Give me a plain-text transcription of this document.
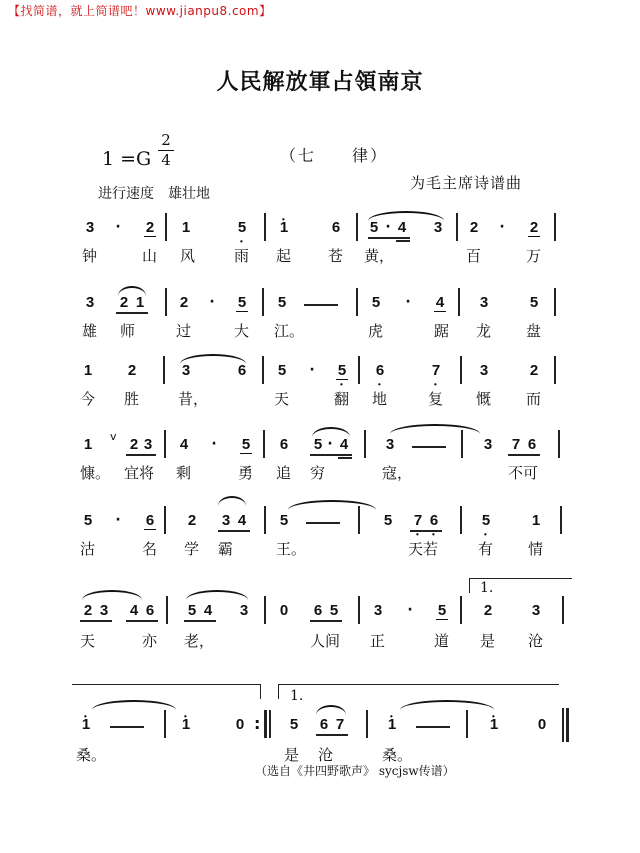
【找简谱，就上简谱吧！www.jianpu8.com】
人民解放軍占領南京
1 =G
2
4	（七　　律）
为毛主席诗谱曲
进行速度　雄壮地
3 · 2 1	5 • • 1	6 5 · 4 3 2 · 2
钟	山 风	雨 起 苍 黄，	百	万
3 2 1 2 · 5 5	5 · 4 3	5
雄 师	过	大 江。	虎	踞 龙 盘
1 2	3	6 5 · 5 • 6 •	7 •	3	2
今 胜	昔，	天	翻 地	复 慨 而
1 v 2 3 4 · 5 6 5 · 4	3	3 7 6
慷。 宜将 剩	勇 追 穷	寇，	不可
5 · 6 2 3 4 5	5 7 • 6 •	5 •	1
沽	名 学 霸	王。	天若	有 情
2 3 4 6 5 4 3 0 6 5 3 · 5
1.
2	3
天	亦 老，	人间 正	道 是 沧
• 1	• 1	0 :
1.
5 6 7	• 1	• 1	0
桑。	是 沧	桑。
（选自《井四野歌声》 sycjsw传谱）
